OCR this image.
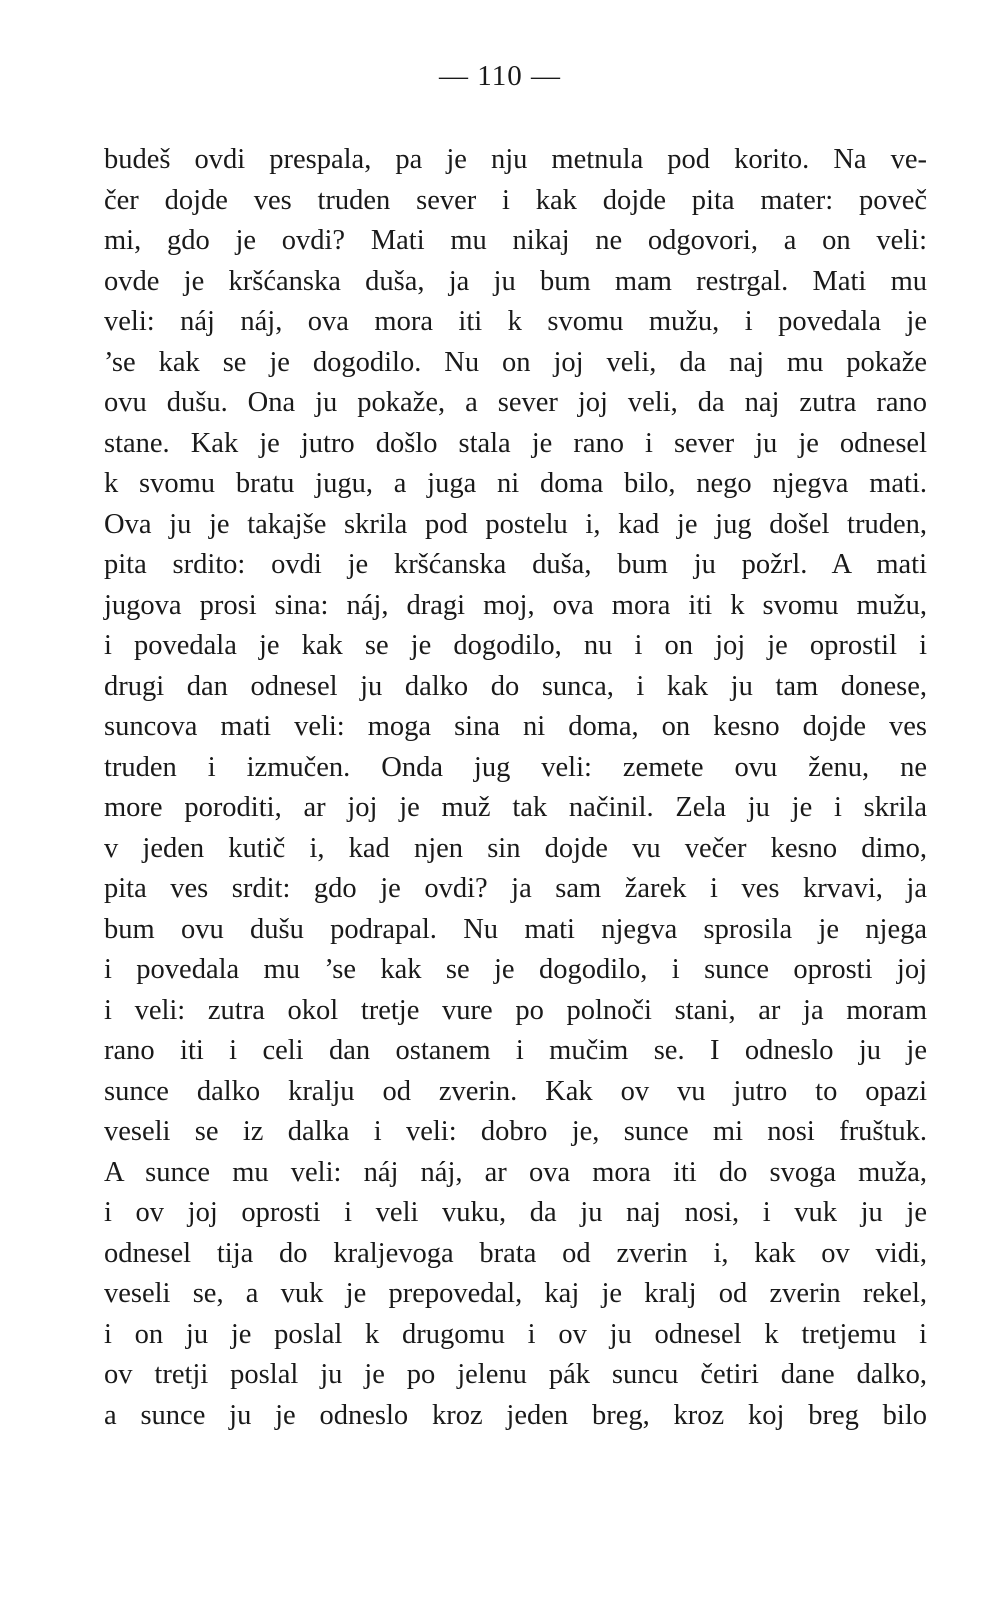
— 110 —
budeš ovdi prespala, pa je nju metnula pod korito. Na ve-
čer dojde ves truden sever i kak dojde pita mater: poveč
mi, gdo je ovdi? Mati mu nikaj ne odgovori, a on veli:
ovde je kršćanska duša, ja ju bum mam restrgal. Mati mu
veli: náj náj, ova mora iti k svomu mužu, i povedala je
’se kak se je dogodilo. Nu on joj veli, da naj mu pokaže
ovu dušu. Ona ju pokaže, a sever joj veli, da naj zutra rano
stane. Kak je jutro došlo stala je rano i sever ju je odnesel
k svomu bratu jugu, a juga ni doma bilo, nego njegva mati.
Ova ju je takajše skrila pod postelu i, kad je jug došel truden,
pita srdito: ovdi je kršćanska duša, bum ju požrl. A mati
jugova prosi sina: náj, dragi moj, ova mora iti k svomu mužu,
i povedala je kak se je dogodilo, nu i on joj je oprostil i
drugi dan odnesel ju dalko do sunca, i kak ju tam donese,
suncova mati veli: moga sina ni doma, on kesno dojde ves
truden i izmučen. Onda jug veli: zemete ovu ženu, ne
more poroditi, ar joj je muž tak načinil. Zela ju je i skrila
v jeden kutič i, kad njen sin dojde vu večer kesno dimo,
pita ves srdit: gdo je ovdi? ja sam žarek i ves krvavi, ja
bum ovu dušu podrapal. Nu mati njegva sprosila je njega
i povedala mu ’se kak se je dogodilo, i sunce oprosti joj
i veli: zutra okol tretje vure po polnoči stani, ar ja moram
rano iti i celi dan ostanem i mučim se. I odneslo ju je
sunce dalko kralju od zverin. Kak ov vu jutro to opazi
veseli se iz dalka i veli: dobro je, sunce mi nosi fruštuk.
A sunce mu veli: náj náj, ar ova mora iti do svoga muža,
i ov joj oprosti i veli vuku, da ju naj nosi, i vuk ju je
odnesel tija do kraljevoga brata od zverin i, kak ov vidi,
veseli se, a vuk je prepovedal, kaj je kralj od zverin rekel,
i on ju je poslal k drugomu i ov ju odnesel k tretjemu i
ov tretji poslal ju je po jelenu pák suncu četiri dane dalko,
a sunce ju je odneslo kroz jeden breg, kroz koj breg bilo
